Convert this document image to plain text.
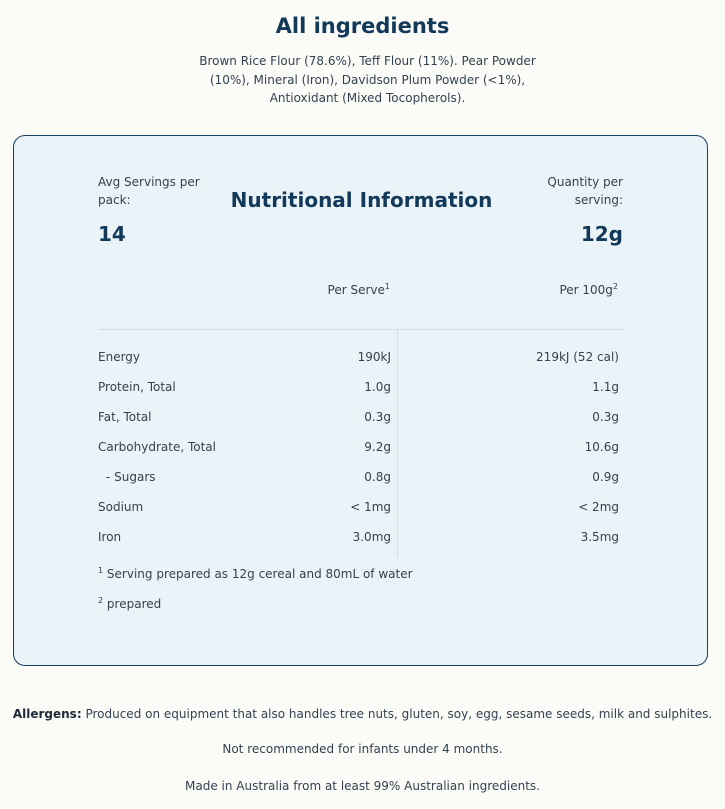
All ingredients
Brown Rice Flour (78.6%), Teff Flour (11%). Pear Powder (10%), Mineral (Iron), Davidson Plum Powder (<1%), Antioxidant (Mixed Tocopherols).
Avg Servings per pack:	Nutritional Information
Quantity per serving:
14	12g
Per Serve$^1$	Per $100g^2$
Energy	190kJ	219kJ (52 cal)
Protein, Total	1.0g	1.1g
Fat, Total	0.3g	0.3g
Carbohydrate, Total	9.2g	10.6g
- Sugars	0.8g	0.9g
Sodium	< 1mg	< 2mg
Iron	3.0mg	3.5mg
$^1$ Serving prepared as 12g cereal and 80mL of water
$^2$ prepared
Allergens: Produced on equipment that also handles tree nuts, gluten, soy, egg, sesame seeds, milk and sulphites.
Not recommended for infants under 4 months.
Made in Australia from at least 99% Australian ingredients.
